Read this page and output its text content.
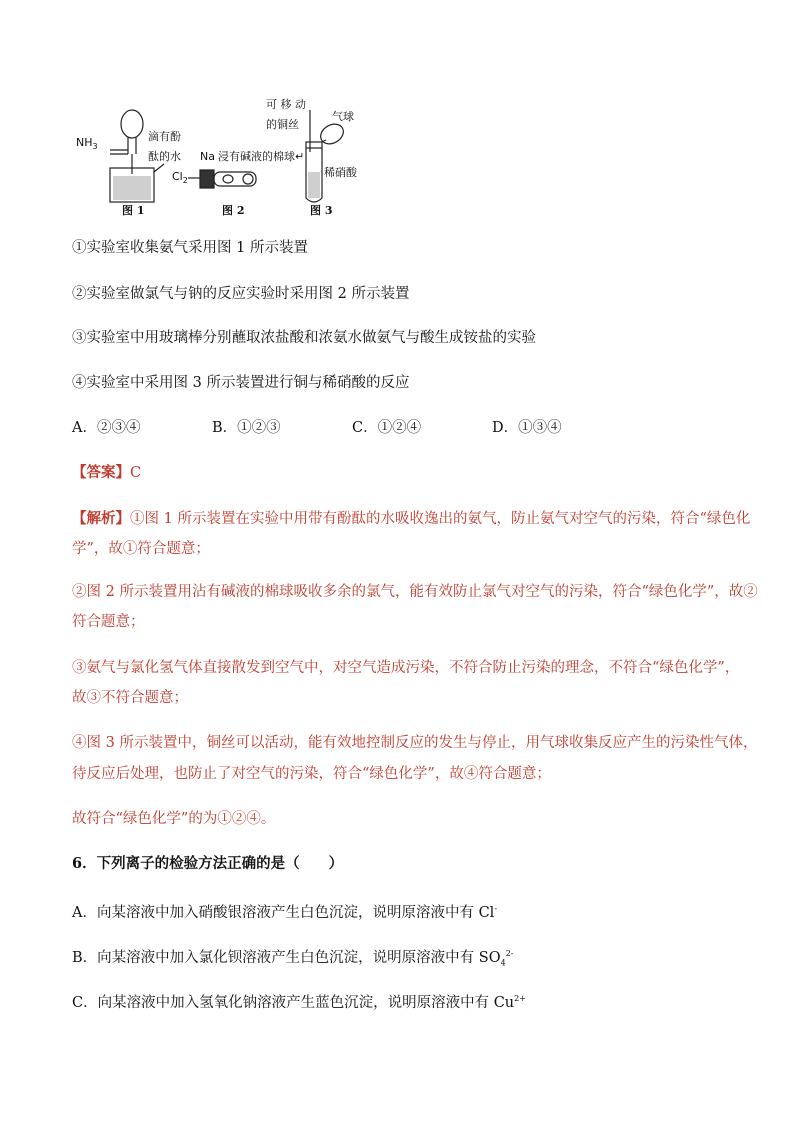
$NH_3$
滴有酚
酞的水
图 1
$Cl_2$
Na 浸有碱液的棉球↵
图 2
可 移 动
的铜丝
气球
稀硝酸
图 3
①实验室收集氨气采用图 1 所示装置
②实验室做氯气与钠的反应实验时采用图 2 所示装置
③实验室中用玻璃棒分别蘸取浓盐酸和浓氨水做氨气与酸生成铵盐的实验
④实验室中采用图 3 所示装置进行铜与稀硝酸的反应
A．②③④	B．①②③	C．①②④	D．①③④
【答案】C
【解析】①图 1 所示装置在实验中用带有酚酞的水吸收逸出的氨气，防止氨气对空气的污染，符合“绿色化
学”，故①符合题意；
②图 2 所示装置用沾有碱液的棉球吸收多余的氯气，能有效防止氯气对空气的污染，符合“绿色化学”，故②
符合题意；
③氨气与氯化氢气体直接散发到空气中，对空气造成污染，不符合防止污染的理念，不符合“绿色化学”，
故③不符合题意；
④图 3 所示装置中，铜丝可以活动，能有效地控制反应的发生与停止，用气球收集反应产生的污染性气体，
待反应后处理，也防止了对空气的污染，符合“绿色化学”，故④符合题意；
故符合“绿色化学”的为①②④。
6．下列离子的检验方法正确的是（　　）
A．向某溶液中加入硝酸银溶液产生白色沉淀，说明原溶液中有 Cl-
B．向某溶液中加入氯化钡溶液产生白色沉淀，说明原溶液中有 $SO_4^{2-}$
C．向某溶液中加入氢氧化钠溶液产生蓝色沉淀，说明原溶液中有 $Cu^{2+}$
